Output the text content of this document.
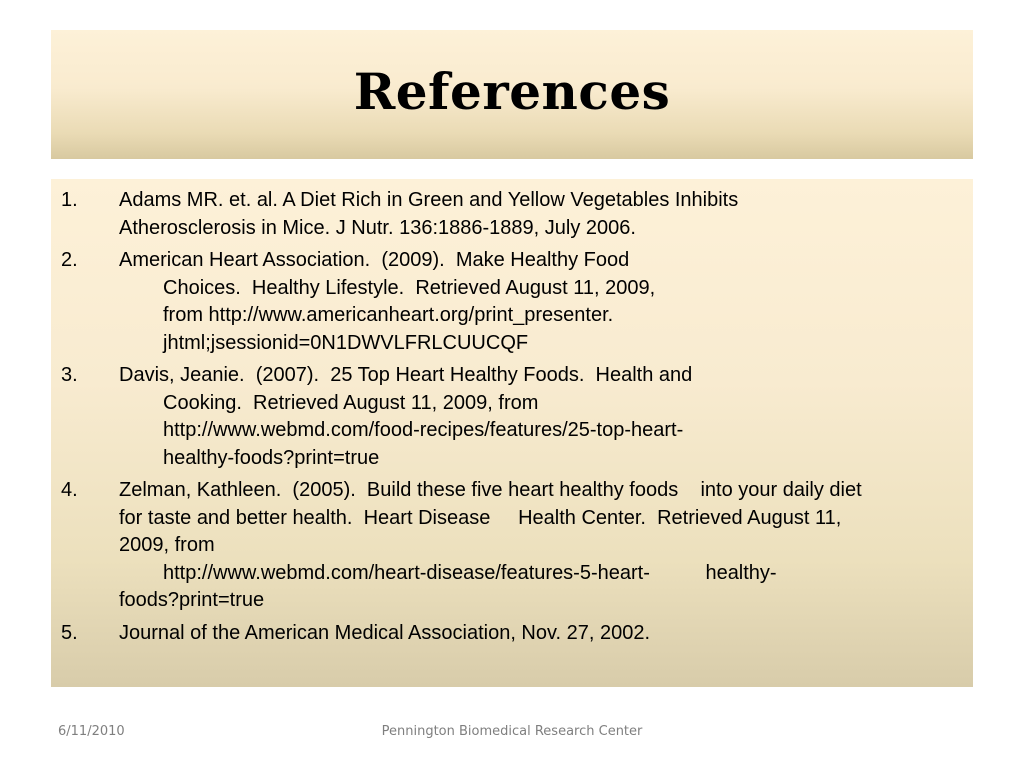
References
1. Adams MR. et. al. A Diet Rich in Green and Yellow Vegetables Inhibits
Atherosclerosis in Mice. J Nutr. 136:1886-1889, July 2006.
2. American Heart Association.  (2009).  Make Healthy Food
Choices.  Healthy Lifestyle.  Retrieved August 11, 2009,
from http://www.americanheart.org/print_presenter.
jhtml;jsessionid=0N1DWVLFRLCUUCQF
3. Davis, Jeanie.  (2007).  25 Top Heart Healthy Foods.  Health and
Cooking.  Retrieved August 11, 2009, from
http://www.webmd.com/food-recipes/features/25-top-heart-
healthy-foods?print=true
4. Zelman, Kathleen.  (2005).  Build these five heart healthy foods    into your daily diet
for taste and better health.  Heart Disease     Health Center.  Retrieved August 11,
2009, from
http://www.webmd.com/heart-disease/features-5-heart-          healthy-
foods?print=true
5. Journal of the American Medical Association, Nov. 27, 2002.
6/11/2010	Pennington Biomedical Research Center
